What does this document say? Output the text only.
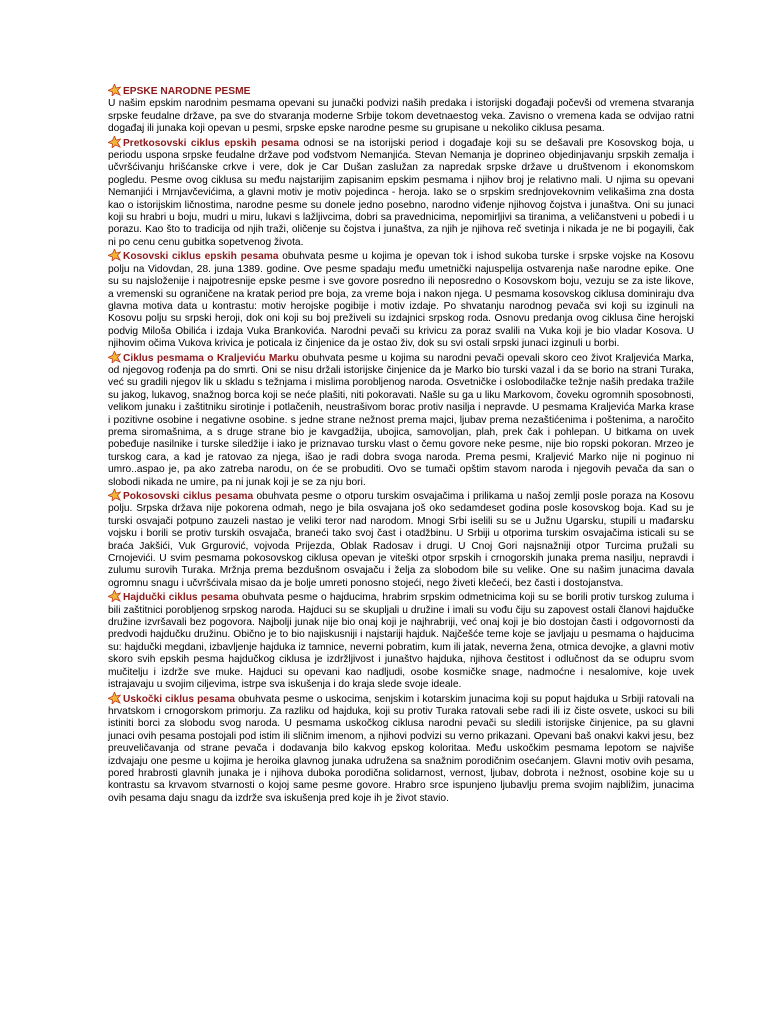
EPSKE NARODNE PESME
U našim epskim narodnim pesmama opevani su junački podvizi naših predaka i istorijski događaji počevši od vremena stvaranja srpske feudalne države, pa sve do stvaranja moderne Srbije tokom devetnaestog veka. Zavisno o vremena kada se odvijao ratni događaj ili junaka koji opevan u pesmi, srpske epske narodne pesme su grupisane u nekoliko ciklusa pesama.

Pretkosovski ciklus epskih pesama odnosi se na istorijski period i događaje koji su se dešavali pre Kosovskog boja, u periodu uspona srpske feudalne države pod vođstvom Nemanjića. Stevan Nemanja je doprineo objedinjavanju srpskih zemalja i učvršćivanju hrišćanske crkve i vere, dok je Car Dušan zaslužan za napredak srpske države u društvenom i ekonomskom pogledu. Pesme ovog ciklusa su među najstarijim zapisanim epskim pesmama i njihov broj je relativno mali. U njima su opevani Nemanjići i Mrnjavčevićima, a glavni motiv je motiv pojedinca - heroja. Iako se o srpskim srednjovekovnim velikašima zna dosta kao o istorijskim ličnostima, narodne pesme su donele jedno posebno, narodno viđenje njihovog čojstva i junaštva. Oni su junaci koji su hrabri u boju, mudri u miru, lukavi s lažljivcima, dobri sa pravednicima, nepomirljivi sa tiranima, a veličanstveni u pobedi i u porazu. Kao što to tradicija od njih traži, oličenje su čojstva i junaštva, za njih je njihova reč svetinja i nikada je ne bi pogayili, čak ni po cenu cenu gubitka sopetvenog života.

Kosovski ciklus epskih pesama obuhvata pesme u kojima je opevan tok i ishod sukoba turske i srpske vojske na Kosovu polju na Vidovdan, 28. juna 1389. godine. Ove pesme spadaju među umetnički najuspelija ostvarenja naše narodne epike. One su su najsloženije i najpotresnije epske pesme i sve govore posredno ili neposredno o Kosovskom boju, vezuju se za iste likove, a vremenski su ograničene na kratak period pre boja, za vreme boja i nakon njega. U pesmama kosovskog ciklusa dominiraju dva glavna motiva data u kontrastu: motiv herojske pogibije i motiv izdaje. Po shvatanju narodnog pevača svi koji su izginuli na Kosovu polju su srpski heroji, dok oni koji su boj preživeli su izdajnici srpskog roda. Osnovu predanja ovog ciklusa čine herojski podvig Miloša Obilića i izdaja Vuka Brankovića. Narodni pevači su krivicu za poraz svalili na Vuka koji je bio vladar Kosova. U njihovim očima Vukova krivica je poticala iz činjenice da je ostao živ, dok su svi ostali srpski junaci izginuli u borbi.

Ciklus pesmama o Kraljeviću Marku obuhvata pesme u kojima su narodni pevači opevali skoro ceo život Kraljevića Marka, od njegovog rođenja pa do smrti. Oni se nisu držali istorijske činjenice da je Marko bio turski vazal i da se borio na strani Turaka, već su gradili njegov lik u skladu s težnjama i mislima porobljenog naroda. Osvetničke i oslobodilačke težnje naših predaka tražile su jakog, lukavog, snažnog borca koji se neće plašiti, niti pokoravati. Našle su ga u liku Markovom, čoveku ogromnih sposobnosti, velikom junaku i zaštitniku sirotinje i potlačenih, neustrašivom borac protiv nasilja i nepravde. U pesmama Kraljevića Marka krase i pozitivne osobine i negativne osobine. s jedne strane nežnost prema majci, ljubav prema nezaštićenima i poštenima, a naročito prema siromašnima, a s druge strane bio je kavgadžija, ubojica, samovoljan, plah, prek čak i pohlepan. U bitkama on uvek pobeđuje nasilnike i turske siledžije i iako je priznavao tursku vlast o čemu govore neke pesme, nije bio ropski pokoran. Mrzeo je turskog cara, a kad je ratovao za njega, išao je radi dobra svoga naroda. Prema pesmi, Kraljević Marko nije ni poginuo ni umro..aspao je, pa ako zatreba narodu, on će se probuditi. Ovo se tumači opštim stavom naroda i njegovih pevača da san o slobodi nikada ne umire, pa ni junak koji je se za nju bori.

Pokosovski ciklus pesama obuhvata pesme o otporu turskim osvajačima i prilikama u našoj zemlji posle poraza na Kosovu polju. Srpska država nije pokorena odmah, nego je bila osvajana još oko sedamdeset godina posle kosovskog boja. Kad su je turski osvajači potpuno zauzeli nastao je veliki teror nad narodom. Mnogi Srbi iselili su se u Južnu Ugarsku, stupili u mađarsku vojsku i borili se protiv turskih osvajača, braneći tako svoj čast i otadžbinu. U Srbiji u otporima turskim osvajačima isticali su se braća Jakšići, Vuk Grgurović, vojvoda Prijezda, Oblak Radosav i drugi. U Cnoj Gori najsnažniji otpor Turcima pružali su Crnojevići. U svim pesmama pokosovskog ciklusa opevan je viteški otpor srpskih i crnogorskih junaka prema nasilju, nepravdi i zulumu surovih Turaka. Mržnja prema bezdušnom osvajaču i želja za slobodom bile su velike. One su našim junacima davala ogromnu snagu i učvršćivala misao da je bolje umreti ponosno stojeći, nego živeti klečeći, bez časti i dostojanstva.

Hajdučki ciklus pesama obuhvata pesme o hajducima, hrabrim srpskim odmetnicima koji su se borili protiv turskog zuluma i bili zaštitnici porobljenog srpskog naroda. Hajduci su se skupljali u družine i imali su vođu čiju su zapovest ostali članovi hajdučke družine izvršavali bez pogovora. Najbolji junak nije bio onaj koji je najhrabriji, već onaj koji je bio dostojan časti i odgovornosti da predvodi hajdučku družinu. Obično je to bio najiskusniji i najstariji hajduk. Najčešće teme koje se javljaju u pesmama o hajducima su: hajdučki megdani, izbavljenje hajduka iz tamnice, neverni pobratim, kum ili jatak, neverna žena, otmica devojke, a glavni motiv skoro svih epskih pesma hajdučkog ciklusa je izdržljivost i junaštvo hajduka, njihova čestitost i odlučnost da se odupru svom mučitelju i izdrže sve muke. Hajduci su opevani kao nadljudi, osobe kosmičke snage, nadmoćne i nesalomive, koje uvek istrajavaju u svojim ciljevima, istrpe sva iskušenja i do kraja slede svoje ideale.

Uskočki ciklus pesama obuhvata pesme o uskocima, senjskim i kotarskim junacima koji su poput hajduka u Srbiji ratovali na hrvatskom i crnogorskom primorju. Za razliku od hajduka, koji su protiv Turaka ratovali sebe radi ili iz čiste osvete, uskoci su bili istiniti borci za slobodu svog naroda. U pesmama uskočkog ciklusa narodni pevači su sledili istorijske činjenice, pa su glavni junaci ovih pesama postojali pod istim ili sličnim imenom, a njihovi podvizi su verno prikazani. Opevani baš onakvi kakvi jesu, bez preuveličavanja od strane pevača i dodavanja bilo kakvog epskog koloritaa. Među uskočkim pesmama lepotom se najviše izdvajaju one pesme u kojima je heroika glavnog junaka udružena sa snažnim porodičnim osećanjem. Glavni motiv ovih pesama, pored hrabrosti glavnih junaka je i njihova duboka porodična solidarnost, vernost, ljubav, dobrota i nežnost, osobine koje su u kontrastu sa krvavom stvarnosti o kojoj same pesme govore. Hrabro srce ispunjeno ljubavlju prema svojim najbližim, junacima ovih pesama daju snagu da izdrže sva iskušenja pred koje ih je život stavio.
